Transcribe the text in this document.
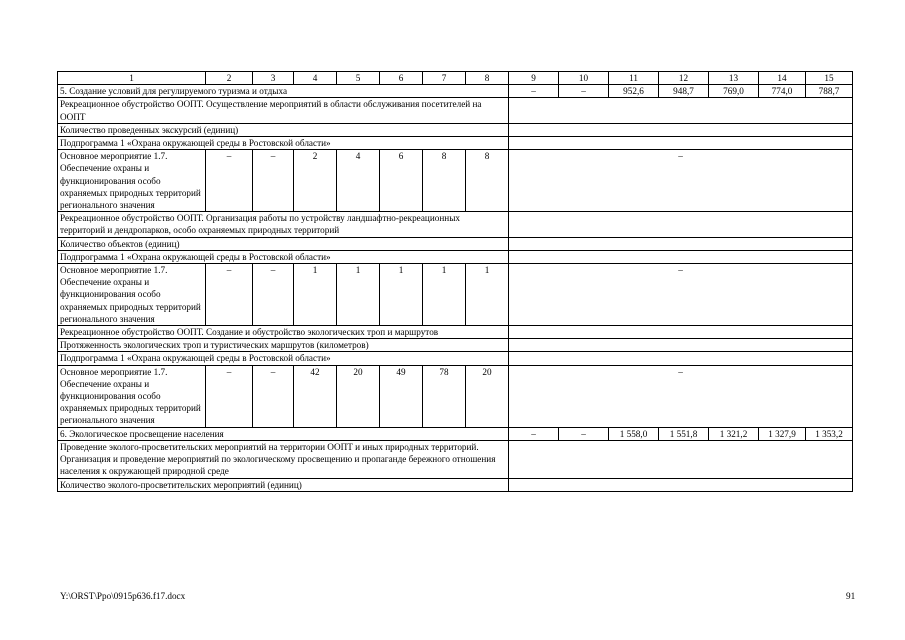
1	2	3	4	5	6	7	8	9	10	11	12	13	14	15
5. Создание условий для регулируемого туризма и отдыха								–	–	952,6	948,7	769,0	774,0	788,7
Рекреационное обустройство ООПТ. Осуществление мероприятий в области обслуживания посетителей на ООПТ														
Количество проведенных экскурсий (единиц)														
Подпрограмма 1 «Охрана окружающей среды в Ростовской области»														
Основное мероприятие 1.7. Обеспечение охраны и функционирования особо охраняемых природных территорий регионального значения	–	–	2	4	6	8	8	–						
Рекреационное обустройство ООПТ. Организация работы по устройству ландшафтно-рекреационных территорий и дендропарков, особо охраняемых природных территорий														
Количество объектов (единиц)														
Подпрограмма 1 «Охрана окружающей среды в Ростовской области»														
Основное мероприятие 1.7. Обеспечение охраны и функционирования особо охраняемых природных территорий регионального значения	–	–	1	1	1	1	1	–						
Рекреационное обустройство ООПТ. Создание и обустройство экологических троп и маршрутов														
Протяженность экологических троп и туристических маршрутов (километров)														
Подпрограмма 1 «Охрана окружающей среды в Ростовской области»														
Основное мероприятие 1.7. Обеспечение охраны и функционирования особо охраняемых природных территорий регионального значения	–	–	42	20	49	78	20	–						
6. Экологическое просвещение населения								–	–	1 558,0	1 551,8	1 321,2	1 327,9	1 353,2
Проведение эколого-просветительских мероприятий на территории ООПТ и иных природных территорий. Организация и проведение мероприятий по экологическому просвещению и пропаганде бережного отношения населения к окружающей природной среде														
Количество эколого-просветительских мероприятий (единиц)														
Y:\ORST\Ppo\0915p636.f17.docx	91
